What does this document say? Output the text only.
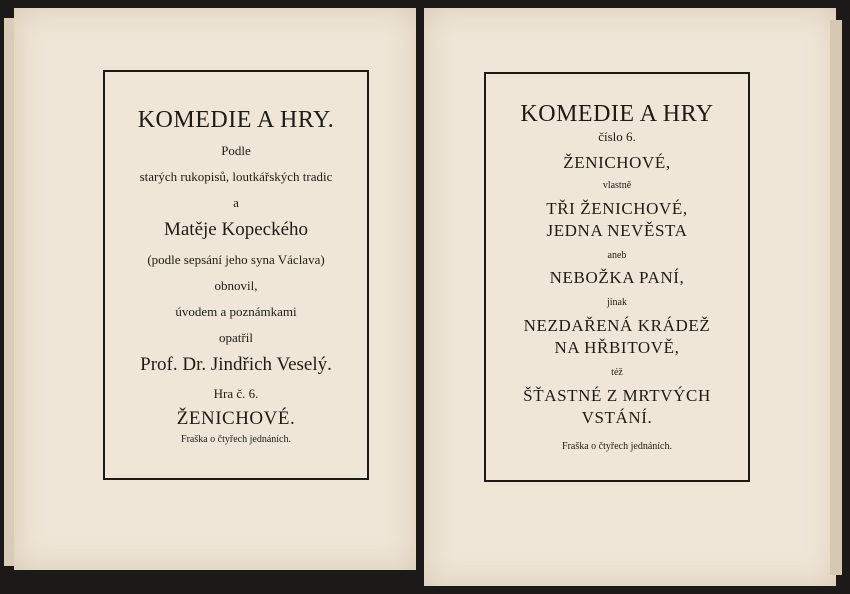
KOMEDIE A HRY.
Podle
starých rukopisů, loutkářských tradic
a
Matěje Kopeckého
(podle sepsání jeho syna Václava)
obnovil,
úvodem a poznámkami
opatřil
Prof. Dr. Jindřich Veselý.
Hra č. 6.
ŽENICHOVÉ.
Fraška o čtyřech jednáních.
KOMEDIE A HRY
číslo 6.
ŽENICHOVÉ,
vlastně
TŘI ŽENICHOVÉ,
JEDNA NEVĚSTA
aneb
NEBOŽKA PANÍ,
jinak
NEZDAŘENÁ KRÁDEŽ
NA HŘBITOVĚ,
též
ŠŤASTNÉ Z MRTVÝCH
VSTÁNÍ.
Fraška o čtyřech jednáních.
